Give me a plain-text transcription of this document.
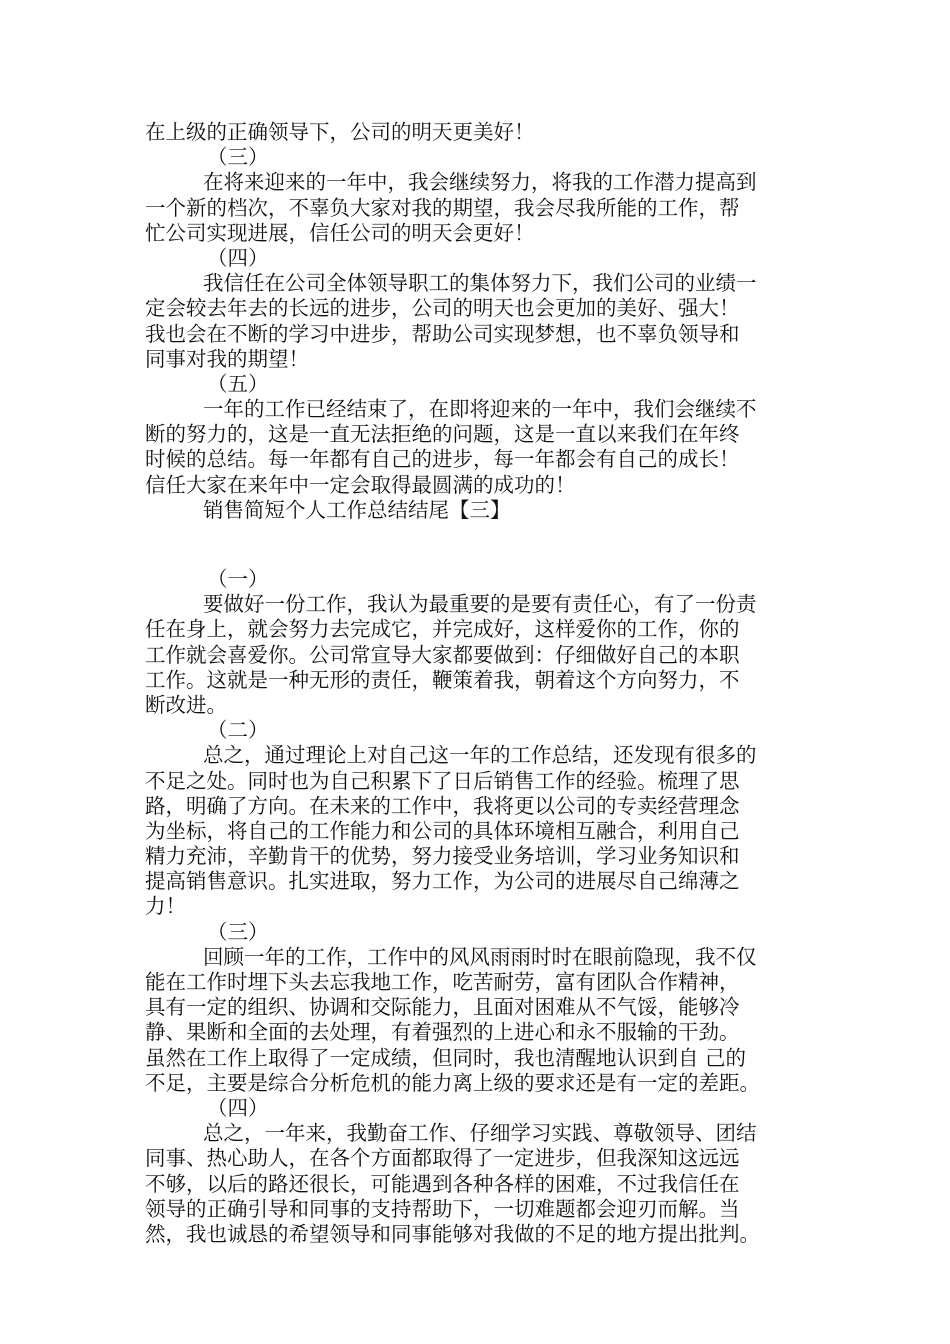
在上级的正确领导下，公司的明天更美好！
（三）
在将来迎来的一年中，我会继续努力，将我的工作潜力提高到
一个新的档次，不辜负大家对我的期望，我会尽我所能的工作，帮
忙公司实现进展，信任公司的明天会更好！
（四）
我信任在公司全体领导职工的集体努力下，我们公司的业绩一
定会较去年去的长远的进步，公司的明天也会更加的美好、强大！
我也会在不断的学习中进步，帮助公司实现梦想，也不辜负领导和
同事对我的期望！
（五）
一年的工作已经结束了，在即将迎来的一年中，我们会继续不
断的努力的，这是一直无法拒绝的问题，这是一直以来我们在年终
时候的总结。每一年都有自己的进步，每一年都会有自己的成长！
信任大家在来年中一定会取得最圆满的成功的！
销售简短个人工作总结结尾【三】
（一）
要做好一份工作，我认为最重要的是要有责任心，有了一份责
任在身上，就会努力去完成它，并完成好，这样爱你的工作，你的
工作就会喜爱你。公司常宣导大家都要做到：仔细做好自己的本职
工作。这就是一种无形的责任，鞭策着我，朝着这个方向努力，不
断改进。
（二）
总之，通过理论上对自己这一年的工作总结，还发现有很多的
不足之处。同时也为自己积累下了日后销售工作的经验。梳理了思
路，明确了方向。在未来的工作中，我将更以公司的专卖经营理念
为坐标，将自己的工作能力和公司的具体环境相互融合，利用自己
精力充沛，辛勤肯干的优势，努力接受业务培训，学习业务知识和
提高销售意识。扎实进取，努力工作，为公司的进展尽自己绵薄之
力！
（三）
回顾一年的工作，工作中的风风雨雨时时在眼前隐现，我不仅
能在工作时埋下头去忘我地工作，吃苦耐劳，富有团队合作精神，
具有一定的组织、协调和交际能力，且面对困难从不气馁，能够冷
静、果断和全面的去处理，有着强烈的上进心和永不服输的干劲。
虽然在工作上取得了一定成绩，但同时，我也清醒地认识到自 己的
不足，主要是综合分析危机的能力离上级的要求还是有一定的差距。
（四）
总之，一年来，我勤奋工作、仔细学习实践、尊敬领导、团结
同事、热心助人，在各个方面都取得了一定进步，但我深知这远远
不够，以后的路还很长，可能遇到各种各样的困难，不过我信任在
领导的正确引导和同事的支持帮助下，一切难题都会迎刃而解。当
然，我也诚恳的希望领导和同事能够对我做的不足的地方提出批判。
